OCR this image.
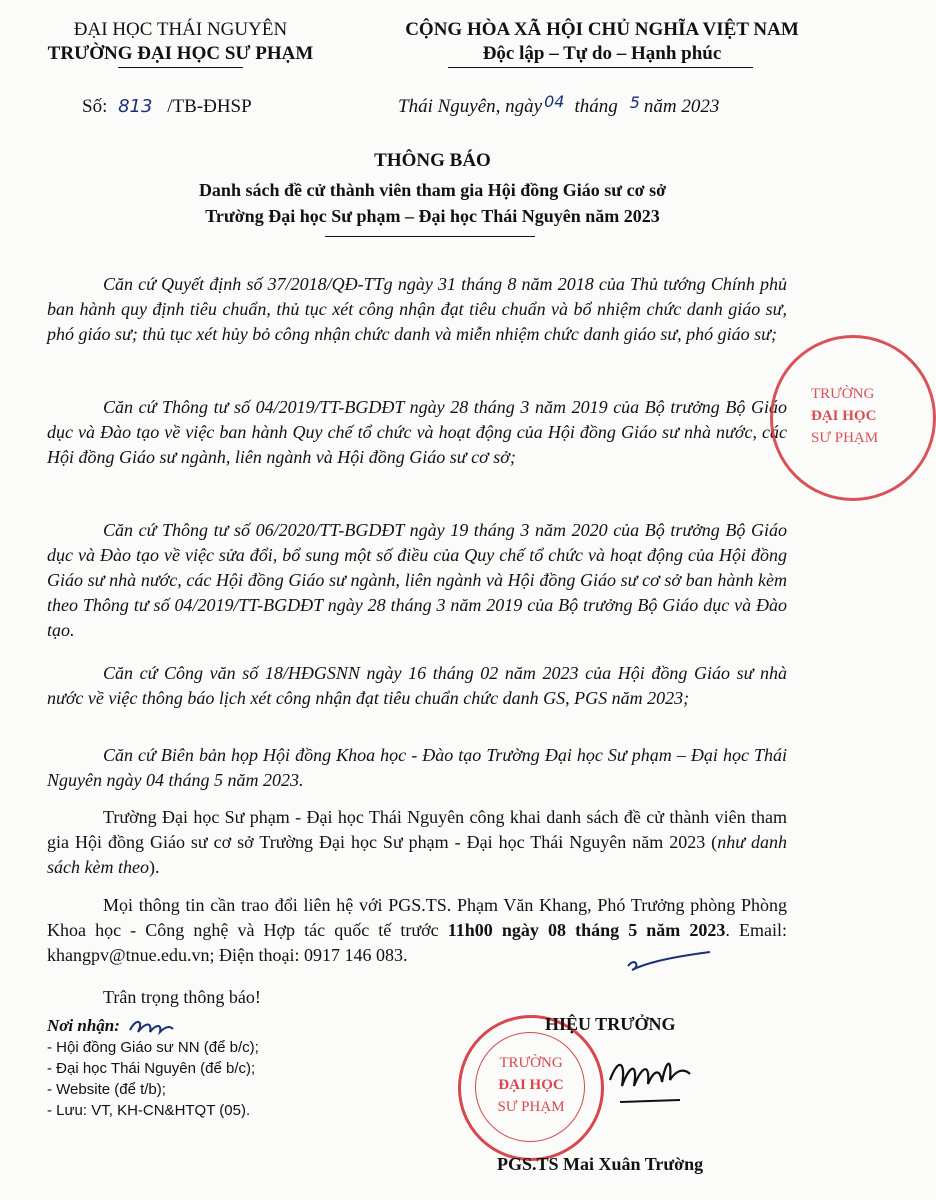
ĐẠI HỌC THÁI NGUYÊN
TRƯỜNG ĐẠI HỌC SƯ PHẠM
CỘNG HÒA XÃ HỘI CHỦ NGHĨA VIỆT NAM
Độc lập – Tự do – Hạnh phúc
Số: 813 /TB-ĐHSP	Thái Nguyên, ngày $^{04}$ tháng $^5$ năm 2023
THÔNG BÁO
Danh sách đề cử thành viên tham gia Hội đồng Giáo sư cơ sở
Trường Đại học Sư phạm – Đại học Thái Nguyên năm 2023
Căn cứ Quyết định số 37/2018/QĐ-TTg ngày 31 tháng 8 năm 2018 của Thủ tướng Chính phủ ban hành quy định tiêu chuẩn, thủ tục xét công nhận đạt tiêu chuẩn và bổ nhiệm chức danh giáo sư, phó giáo sư; thủ tục xét hủy bỏ công nhận chức danh và miễn nhiệm chức danh giáo sư, phó giáo sư;
Căn cứ Thông tư số 04/2019/TT-BGDĐT ngày 28 tháng 3 năm 2019 của Bộ trưởng Bộ Giáo dục và Đào tạo về việc ban hành Quy chế tổ chức và hoạt động của Hội đồng Giáo sư nhà nước, các Hội đồng Giáo sư ngành, liên ngành và Hội đồng Giáo sư cơ sở;
Căn cứ Thông tư số 06/2020/TT-BGDĐT ngày 19 tháng 3 năm 2020 của Bộ trưởng Bộ Giáo dục và Đào tạo về việc sửa đổi, bổ sung một số điều của Quy chế tổ chức và hoạt động của Hội đồng Giáo sư nhà nước, các Hội đồng Giáo sư ngành, liên ngành và Hội đồng Giáo sư cơ sở ban hành kèm theo Thông tư số 04/2019/TT-BGDĐT ngày 28 tháng 3 năm 2019 của Bộ trưởng Bộ Giáo dục và Đào tạo.
Căn cứ Công văn số 18/HĐGSNN ngày 16 tháng 02 năm 2023 của Hội đồng Giáo sư nhà nước về việc thông báo lịch xét công nhận đạt tiêu chuẩn chức danh GS, PGS năm 2023;
Căn cứ Biên bản họp Hội đồng Khoa học - Đào tạo Trường Đại học Sư phạm – Đại học Thái Nguyên ngày 04 tháng 5 năm 2023.
Trường Đại học Sư phạm - Đại học Thái Nguyên công khai danh sách đề cử thành viên tham gia Hội đồng Giáo sư cơ sở Trường Đại học Sư phạm - Đại học Thái Nguyên năm 2023 (như danh sách kèm theo).
Mọi thông tin cần trao đổi liên hệ với PGS.TS. Phạm Văn Khang, Phó Trưởng phòng Phòng Khoa học - Công nghệ và Hợp tác quốc tế trước 11h00 ngày 08 tháng 5 năm 2023. Email: khangpv@tnue.edu.vn; Điện thoại: 0917 146 083.
Trân trọng thông báo!
Nơi nhận:
- Hội đồng Giáo sư NN (để b/c);
- Đại học Thái Nguyên (để b/c);
- Website (để t/b);
- Lưu: VT, KH-CN&HTQT (05).
TRƯỜNG
ĐẠI HỌC
SƯ PHẠM
TRƯỜNG
ĐẠI HỌC
SƯ PHẠM
HIỆU TRƯỞNG
PGS.TS Mai Xuân Trường
